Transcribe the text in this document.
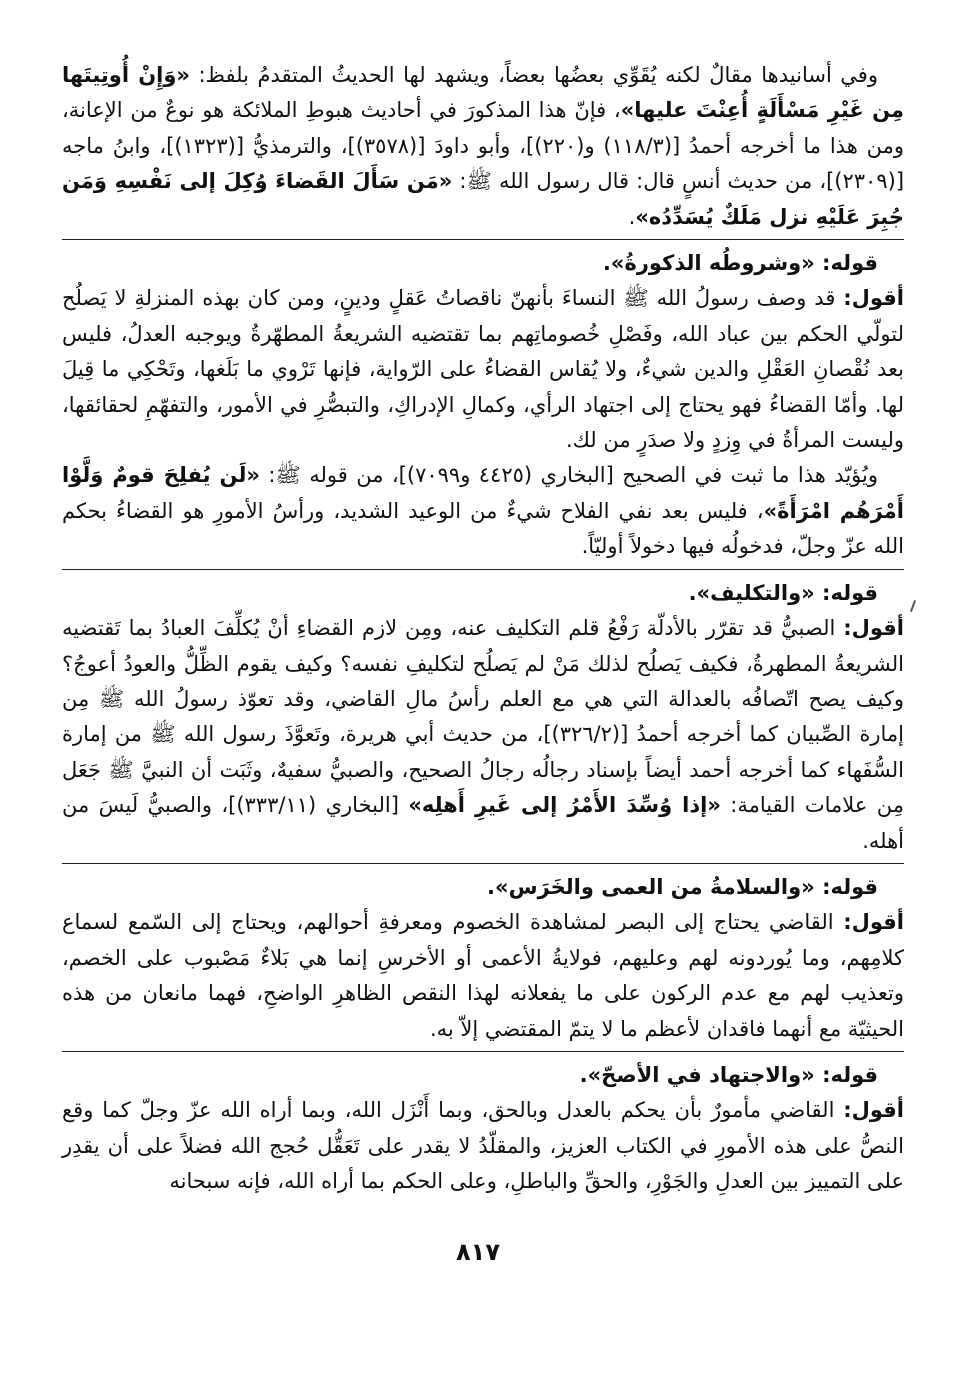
وفي أسانيدها مقالٌ لكنه يُقَوِّي بعضُها بعضاً، ويشهد لها الحديثُ المتقدمُ بلفظ: «وَإِنْ أُوتِيتَها مِن غَيْرِ مَسْأَلَةٍ أُعِنْتَ عليها»، فإنّ هذا المذكورَ في أحاديث هبوطِ الملائكة هو نوعٌ من الإعانة، ومن هذا ما أخرجه أحمدُ [(١١٨/٣) و(٢٢٠)]، وأبو داودَ [(٣٥٧٨)]، والترمذيُّ [(١٣٢٣)]، وابنُ ماجه [(٢٣٠٩)]، من حديث أنسٍ قال: قال رسول الله ﷺ: «مَن سَأَلَ القَضاءَ وُكِلَ إلى نَفْسِهِ وَمَن جُبِرَ عَلَيْهِ نزل مَلَكٌ يُسَدِّدُه».

قوله: «وشروطُه الذكورةُ».

أقول: قد وصف رسولُ الله ﷺ النساءَ بأنهنّ ناقصاتُ عَقلٍ ودينٍ، ومن كان بهذه المنزلةِ لا يَصلُح لتولّي الحكم بين عباد الله، وفَصْلِ خُصوماتِهم بما تقتضيه الشريعةُ المطهّرةُ ويوجبه العدلُ، فليس بعد نُقْصانِ العَقْلِ والدين شيءٌ، ولا يُقاس القضاءُ على الرّواية، فإنها تَرْوي ما بَلَغها، وتَحْكِي ما قِيلَ لها. وأمّا القضاءُ فهو يحتاج إلى اجتهاد الرأي، وكمالِ الإدراكِ، والتبصُّرِ في الأمور، والتفهّمِ لحقائقها، وليست المرأةُ في وِزدٍ ولا صدَرٍ من لك.

ويُؤيّد هذا ما ثبت في الصحيح [البخاري (٤٤٢٥ و٧٠٩٩)]، من قوله ﷺ: «لَن يُفلِحَ قومٌ وَلَّوْا أَمْرَهُم امْرَأَةً»، فليس بعد نفي الفلاح شيءٌ من الوعيد الشديد، ورأسُ الأمورِ هو القضاءُ بحكم الله عزّ وجلّ، فدخولُه فيها دخولاً أوليّاً.

قوله: «والتكليف».

أقول: الصبيُّ قد تقرّر بالأدلّة رَفْعُ قلم التكليف عنه، ومِن لازم القضاءِ أنْ يُكلِّفَ العبادُ بما تَقتضيه الشريعةُ المطهرةُ، فكيف يَصلُح لذلك مَنْ لم يَصلُح لتكليفِ نفسه؟ وكيف يقوم الظِّلُّ والعودُ أعوجُ؟ وكيف يصح اتّصافُه بالعدالة التي هي مع العلم رأسُ مالِ القاضي، وقد تعوّذ رسولُ الله ﷺ مِن إمارة الصِّبيان كما أخرجه أحمدُ [(٣٢٦/٢)]، من حديث أبي هريرة، وتَعوَّذَ رسول الله ﷺ من إمارة السُّفَهاء كما أخرجه أحمد أيضاً بإسناد رجالُه رجالُ الصحيح، والصبيُّ سفيهٌ، وثَبَت أن النبيَّ ﷺ جَعَل مِن علامات القيامة: «إذا وُسِّدَ الأَمْرُ إلى غَيرِ أَهلِه» [البخاري (٣٣٣/١١)]، والصبيُّ لَيسَ من أهله.

قوله: «والسلامةُ من العمى والخَرَس».

أقول: القاضي يحتاج إلى البصر لمشاهدة الخصوم ومعرفةِ أحوالهم، ويحتاج إلى السّمع لسماع كلامِهم، وما يُوردونه لهم وعليهم، فولايةُ الأعمى أو الأخرسِ إنما هي بَلاءٌ مَصْبوب على الخصم، وتعذيب لهم مع عدم الركون على ما يفعلانه لهذا النقص الظاهرِ الواضحِ، فهما مانعان من هذه الحيثيّة مع أنهما فاقدان لأعظم ما لا يتمّ المقتضي إلاّ به.

قوله: «والاجتهاد في الأصحّ».

أقول: القاضي مأمورٌ بأن يحكم بالعدل وبالحق، وبما أَنْزَل الله، وبما أراه الله عزّ وجلّ كما وقع النصُّ على هذه الأمورِ في الكتاب العزيز، والمقلّدُ لا يقدر على تَعَقُّل حُجج الله فضلاً على أن يقدِر على التمييز بين العدلِ والجَوْرِ، والحقِّ والباطلِ، وعلى الحكم بما أراه الله، فإنه سبحانه

٨١٧
